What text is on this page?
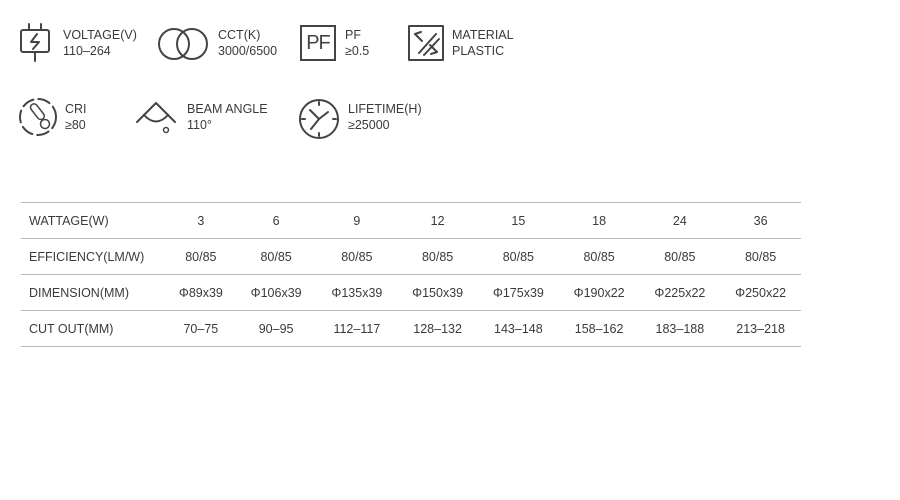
VOLTAGE(V)
110–264
CCT(K)
3000/6500 PF PF
≥0.5
MATERIAL
PLASTIC
CRI
≥80
BEAM ANGLE
110°
LIFETIME(H)
≥25000
WATTAGE(W)	3	6	9	12	15	18	24	36
EFFICIENCY(LM/W)	80/85	80/85	80/85	80/85	80/85	80/85	80/85	80/85
DIMENSION(MM)	Φ89x39	Φ106x39	Φ135x39	Φ150x39	Φ175x39	Φ190x22	Φ225x22	Φ250x22
CUT OUT(MM)	70–75	90–95	112–117	128–132	143–148	158–162	183–188	213–218
